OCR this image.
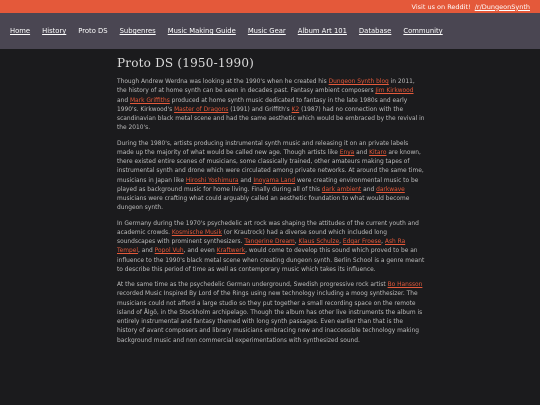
Visit us on Reddit! /r/DungeonSynth
Home History Proto DS Subgenres Music Making Guide Music Gear Album Art 101 Database Community
Proto DS (1950-1990)

Though Andrew Werdna was looking at the 1990's when he created his Dungeon Synth blog in 2011, the history of at home synth can be seen in decades past. Fantasy ambient composers Jim Kirkwood and Mark Griffiths produced at home synth music dedicated to fantasy in the late 1980s and early 1990's. Kirkwood's Master of Dragons (1991) and Griffith's K2 (1987) had no connection with the scandinavian black metal scene and had the same aesthetic which would be embraced by the revival in the 2010's.

During the 1980's, artists producing instrumental synth music and releasing it on an private labels made up the majority of what would be called new age. Though artists like Enya and Kitaro are known, there existed entire scenes of musicians, some classically trained, other amateurs making tapes of instrumental synth and drone which were circulated among private networks. At around the same time, musicians in Japan like Hiroshi Yoshimura and Inoyama Land were creating environmental music to be played as background music for home living. Finally during all of this dark ambient and darkwave musicians were crafting what could arguably called an aesthetic foundation to what would become dungeon synth.

In Germany during the 1970's psychedelic art rock was shaping the attitudes of the current youth and academic crowds. Kosmische Musik (or Krautrock) had a diverse sound which included long soundscapes with prominent synthesizers. Tangerine Dream, Klaus Schulze, Edgar Froese, Ash Ra Tempel, and Popol Vuh, and even Kraftwerk, would come to develop this sound which proved to be an influence to the 1990's black metal scene when creating dungeon synth. Berlin School is a genre meant to describe this period of time as well as contemporary music which takes its influence.

At the same time as the psychedelic German underground, Swedish progressive rock artist Bo Hansson recorded Music Inspired By Lord of the Rings using new technology including a moog synthesizer. The musicians could not afford a large studio so they put together a small recording space on the remote island of Ålgö, in the Stockholm archipelago. Though the album has other live instruments the album is entirely instrumental and fantasy themed with long synth passages. Even earlier than that is the history of avant composers and library musicians embracing new and inaccessible technology making background music and non commercial experimentations with synthesized sound.
